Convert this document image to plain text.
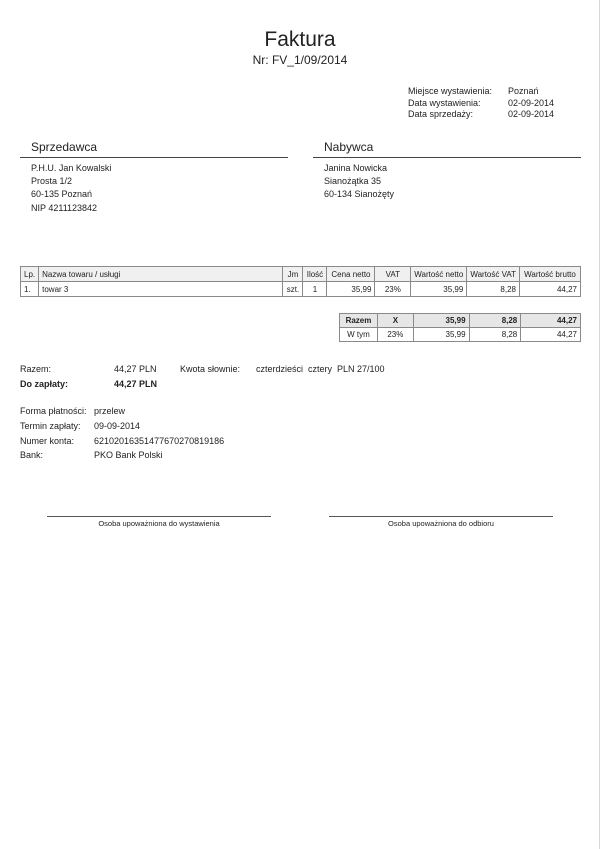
Faktura
Nr: FV_1/09/2014
Miejsce wystawienia:	Poznań
Data wystawienia:	02-09-2014
Data sprzedaży:	02-09-2014
Sprzedawca
P.H.U. Jan Kowalski
Prosta 1/2
60-135 Poznań
NIP 4211123842
Nabywca
Janina Nowicka
Sianożątka 35
60-134 Sianożęty
Lp.	Nazwa towaru / usługi	Jm	Ilość	Cena netto	VAT	Wartość netto	Wartość VAT	Wartość brutto
1.	towar 3	szt.	1	35,99	23%	35,99	8,28	44,27
Razem	X	35,99	8,28	44,27
W tym	23%	35,99	8,28	44,27
Razem:	44,27 PLN	Kwota słownie:	czterdzieści  cztery  PLN 27/100
Do zapłaty:	44,27 PLN
Forma płatności: przelew
Termin zapłaty:	09-09-2014
Numer konta:	62102016351477670270819186
Bank:	PKO Bank Polski
Osoba upoważniona do wystawienia	Osoba upoważniona do odbioru
